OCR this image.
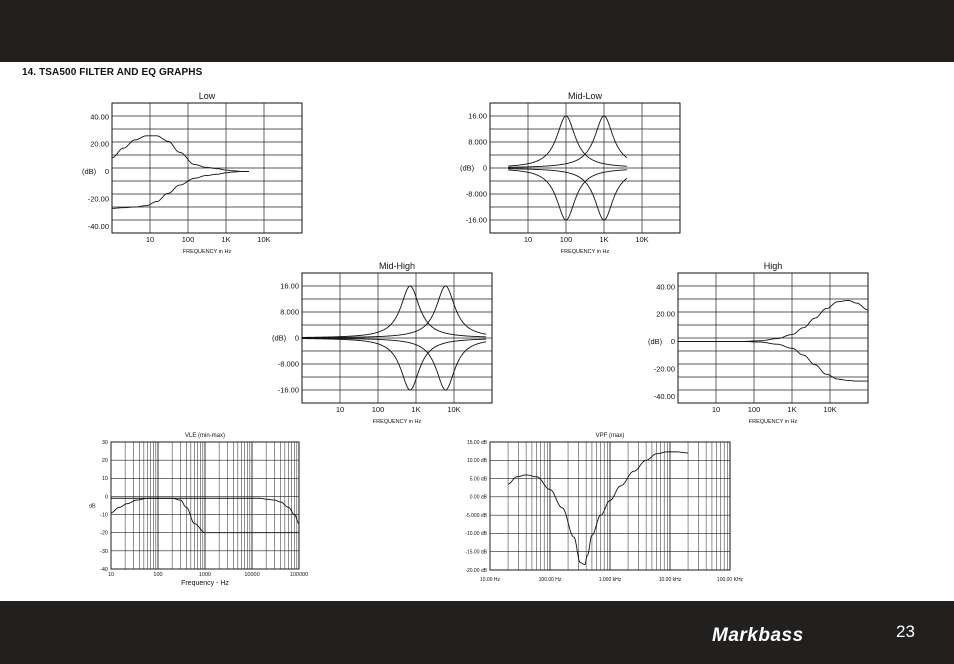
14. TSA500 FILTER AND EQ GRAPHS
Low
40.00
20.00
0
-20.00
-40.00
(dB)
10	100	1K	10K
FREQUENCY in Hz
Mid-Low
16.00
8.000
0
-8.000
-16.00
(dB)
10	100	1K	10K
FREQUENCY in Hz
Mid-High
16.00
8.000
0
-8.000
-16.00
(dB)
10	100	1K	10K
FREQUENCY in Hz
High
40.00
20.00
0
-20.00
-40.00
(dB)
10	100	1K	10K
FREQUENCY in Hz
VLE (min-max)
30
20
10
0
-10
-20
-30
-40
dB
10	100	1000	10000	100000
Frequency - Hz
VPF (max)
15.00 dB
10.00 dB
5.00 dB
0.00 dB
-5.000 dB
-10.00 dB
-15.00 dB
-20.00 dB
10.00 Hz	100.00 Hz	1.000 kHz	10.00 kHz	100.00 KHz
Markbass	23
